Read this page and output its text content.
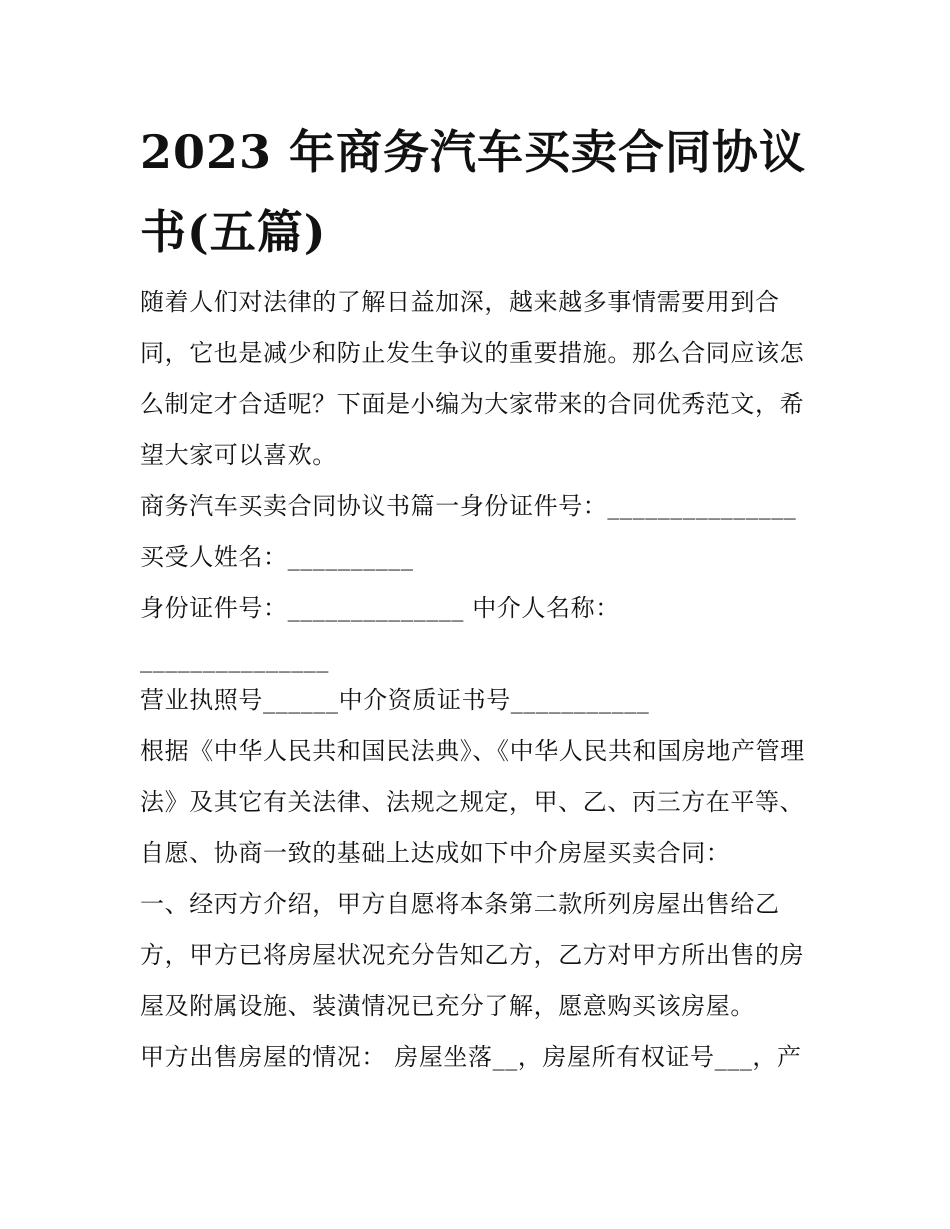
2023 年商务汽车买卖合同协议书(五篇)

随着人们对法律的了解日益加深，越来越多事情需要用到合同，它也是减少和防止发生争议的重要措施。那么合同应该怎么制定才合适呢？下面是小编为大家带来的合同优秀范文，希望大家可以喜欢。

商务汽车买卖合同协议书篇一身份证件号：_______________

买受人姓名：__________

身份证件号：______________ 中介人名称：

_______________

营业执照号______中介资质证书号___________

根据《中华人民共和国民法典》、《中华人民共和国房地产管理法》及其它有关法律、法规之规定，甲、乙、丙三方在平等、自愿、协商一致的基础上达成如下中介房屋买卖合同：

一、经丙方介绍，甲方自愿将本条第二款所列房屋出售给乙方，甲方已将房屋状况充分告知乙方，乙方对甲方所出售的房屋及附属设施、装潢情况已充分了解，愿意购买该房屋。

甲方出售房屋的情况： 房屋坐落__，房屋所有权证号___，产
